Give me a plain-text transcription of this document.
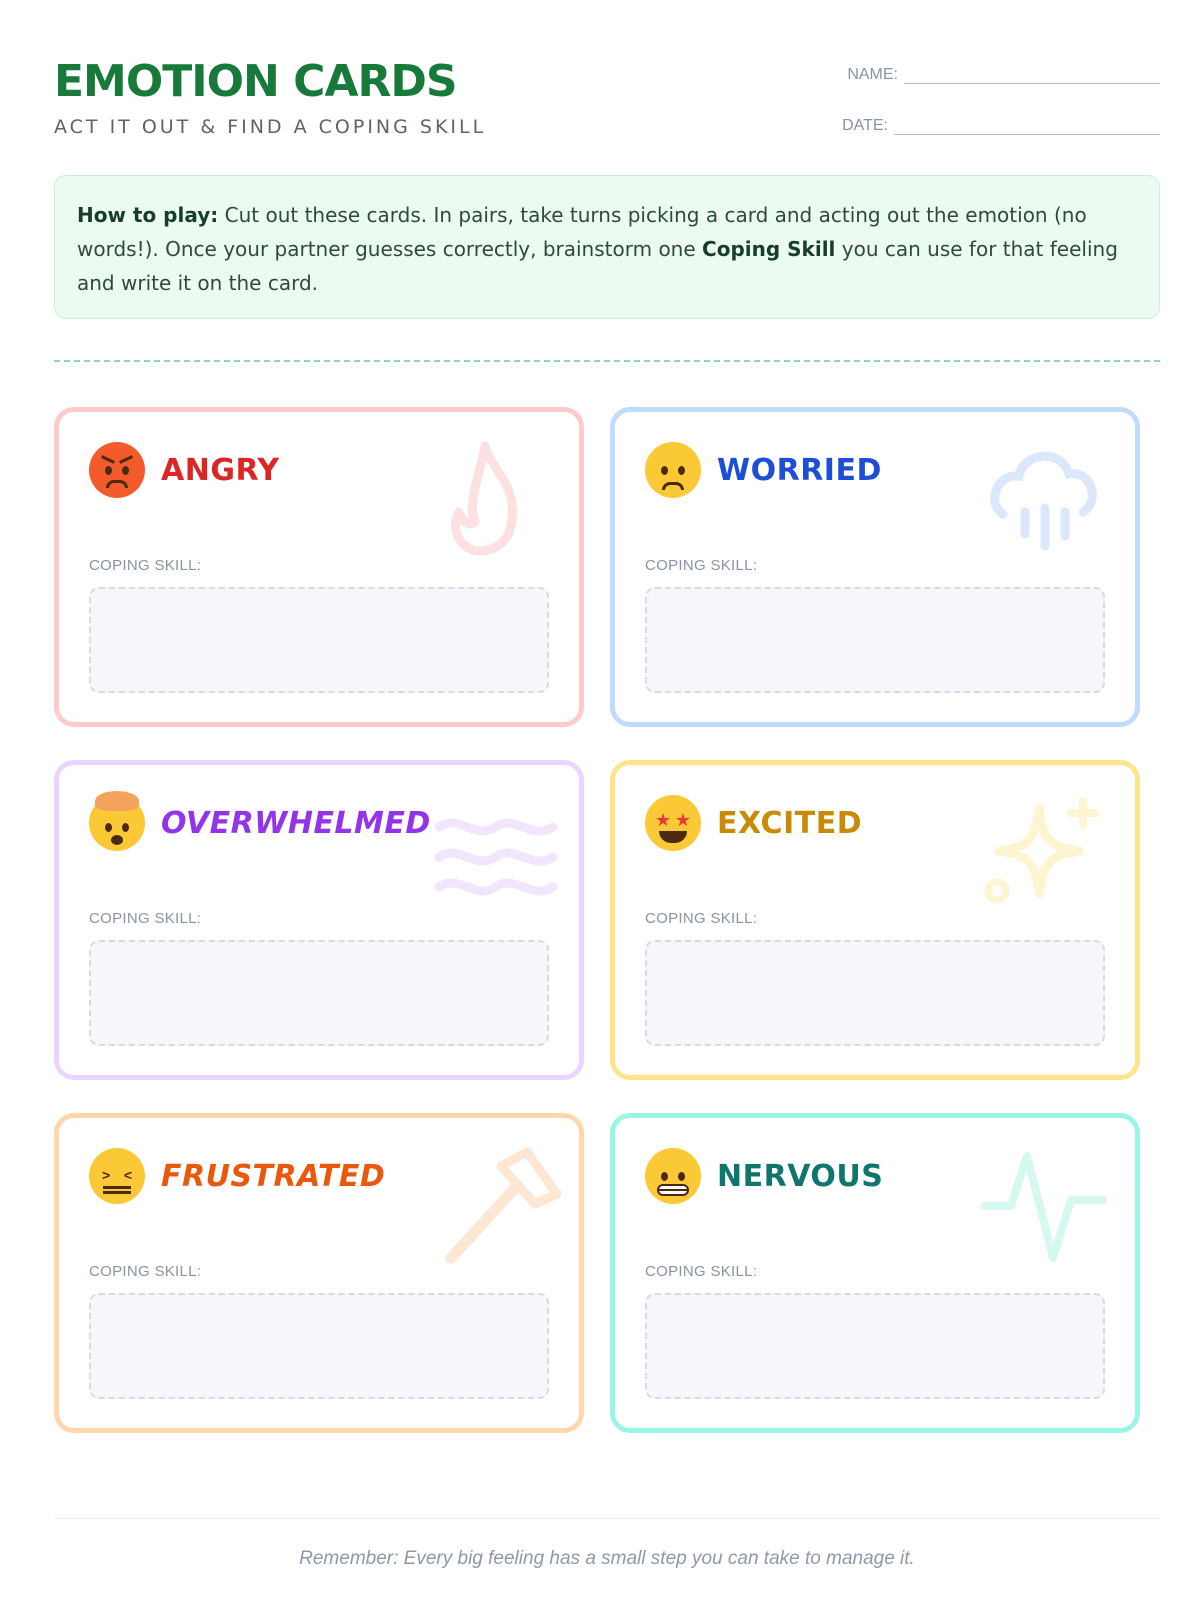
EMOTION CARDS
ACT IT OUT & FIND A COPING SKILL
NAME:
DATE:
How to play: Cut out these cards. In pairs, take turns picking a card and acting out the emotion (no words!). Once your partner guesses correctly, brainstorm one Coping Skill you can use for that feeling and write it on the card.
ANGRY
COPING SKILL:
WORRIED
COPING SKILL:
OVERWHELMED
COPING SKILL:
★ ★ EXCITED
COPING SKILL:
> < FRUSTRATED
COPING SKILL:
NERVOUS
COPING SKILL:
Remember: Every big feeling has a small step you can take to manage it.
